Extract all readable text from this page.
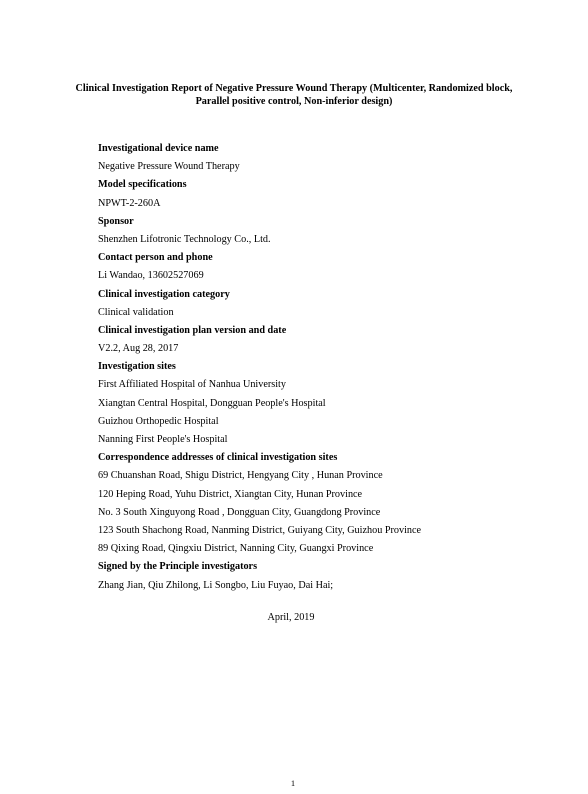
Clinical Investigation Report of Negative Pressure Wound Therapy (Multicenter, Randomized block, Parallel positive control, Non-inferior design)
Investigational device name
Negative Pressure Wound Therapy
Model specifications
NPWT-2-260A
Sponsor
Shenzhen Lifotronic Technology Co., Ltd.
Contact person and phone
Li Wandao, 13602527069
Clinical investigation category
Clinical validation
Clinical investigation plan version and date
V2.2, Aug 28, 2017
Investigation sites
First Affiliated Hospital of Nanhua University
Xiangtan Central Hospital, Dongguan People's Hospital
Guizhou Orthopedic Hospital
Nanning First People's Hospital
Correspondence addresses of clinical investigation sites
69 Chuanshan Road, Shigu District, Hengyang City , Hunan Province
120 Heping Road, Yuhu District, Xiangtan City, Hunan Province
No. 3 South Xinguyong Road , Dongguan City, Guangdong Province
123 South Shachong Road, Nanming District, Guiyang City, Guizhou Province
89 Qixing Road, Qingxiu District, Nanning City, Guangxi Province
Signed by the Principle investigators
Zhang Jian, Qiu Zhilong, Li Songbo, Liu Fuyao, Dai Hai;
April, 2019
1
